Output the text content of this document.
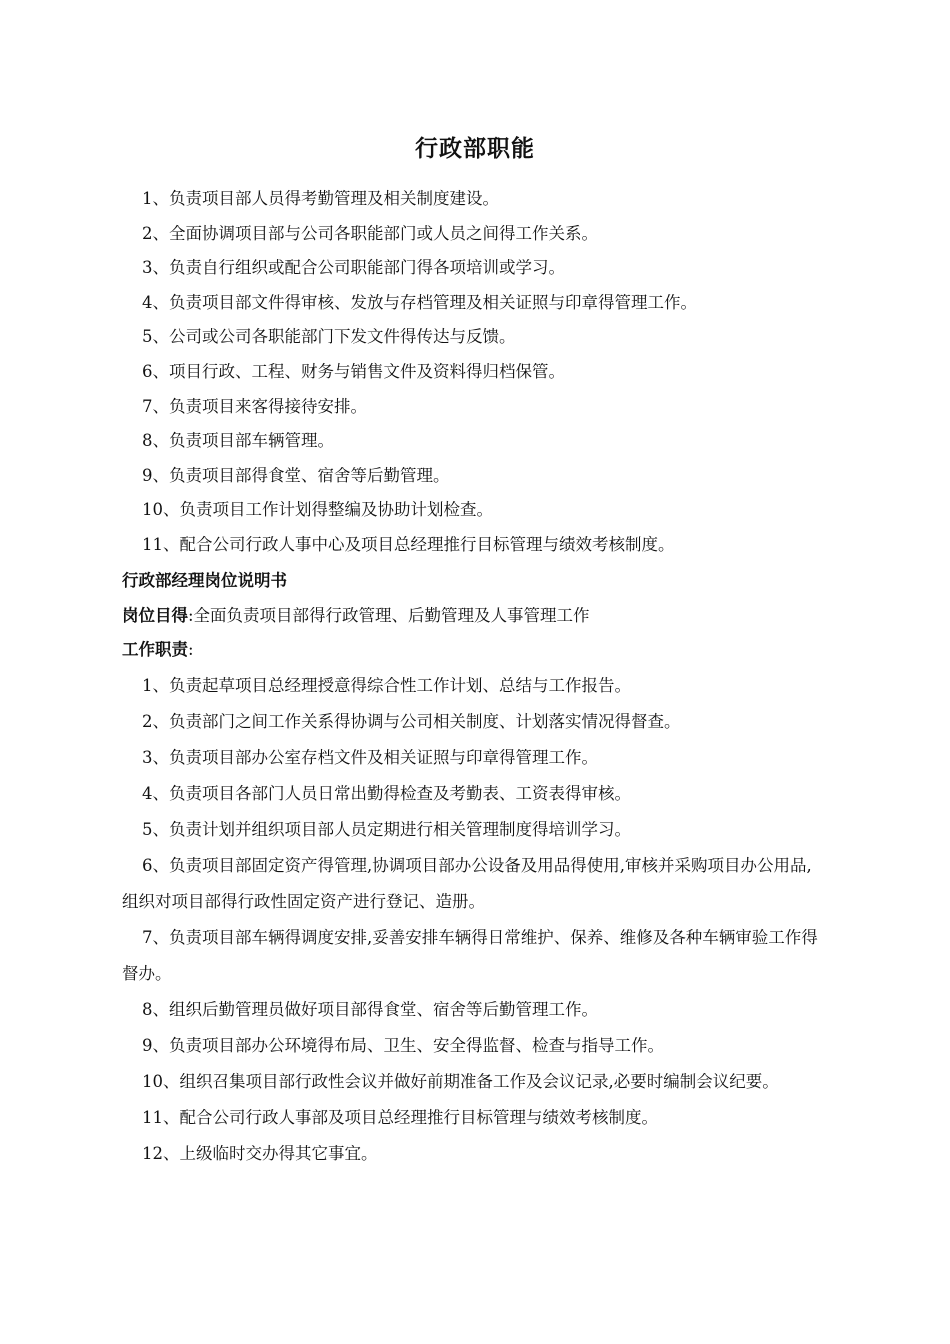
行政部职能

1、负责项目部人员得考勤管理及相关制度建设。

2、全面协调项目部与公司各职能部门或人员之间得工作关系。

3、负责自行组织或配合公司职能部门得各项培训或学习。

4、负责项目部文件得审核、发放与存档管理及相关证照与印章得管理工作。

5、公司或公司各职能部门下发文件得传达与反馈。

6、项目行政、工程、财务与销售文件及资料得归档保管。

7、负责项目来客得接待安排。

8、负责项目部车辆管理。

9、负责项目部得食堂、宿舍等后勤管理。

10、负责项目工作计划得整编及协助计划检查。

11、配合公司行政人事中心及项目总经理推行目标管理与绩效考核制度。

行政部经理岗位说明书

岗位目得:全面负责项目部得行政管理、后勤管理及人事管理工作

工作职责:

1、负责起草项目总经理授意得综合性工作计划、总结与工作报告。

2、负责部门之间工作关系得协调与公司相关制度、计划落实情况得督查。

3、负责项目部办公室存档文件及相关证照与印章得管理工作。

4、负责项目各部门人员日常出勤得检查及考勤表、工资表得审核。

5、负责计划并组织项目部人员定期进行相关管理制度得培训学习。

6、负责项目部固定资产得管理,协调项目部办公设备及用品得使用,审核并采购项目办公用品,组织对项目部得行政性固定资产进行登记、造册。

7、负责项目部车辆得调度安排,妥善安排车辆得日常维护、保养、维修及各种车辆审验工作得督办。

8、组织后勤管理员做好项目部得食堂、宿舍等后勤管理工作。

9、负责项目部办公环境得布局、卫生、安全得监督、检查与指导工作。

10、组织召集项目部行政性会议并做好前期准备工作及会议记录,必要时编制会议纪要。

11、配合公司行政人事部及项目总经理推行目标管理与绩效考核制度。

12、上级临时交办得其它事宜。
